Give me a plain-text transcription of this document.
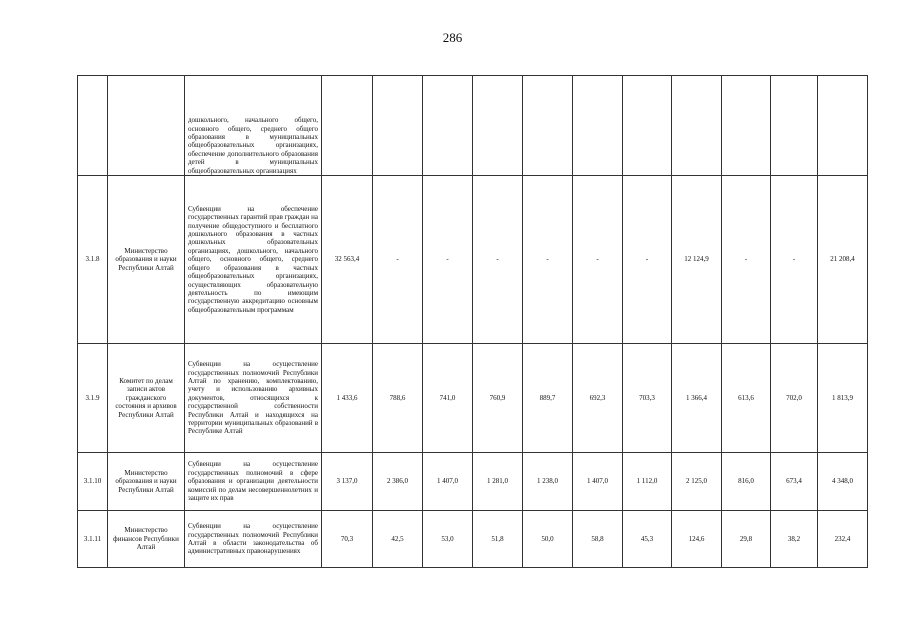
286
		дошкольного, начального общего, основного общего, среднего общего образования в муниципальных общеобразовательных организациях, обеспечение дополнительного образования детей в муниципальных общеобразовательных организациях											
3.1.8	Министерство образования и науки Республики Алтай	Субвенции на обеспечение государственных гарантий прав граждан на получение общедоступного и бесплатного дошкольного образования в частных дошкольных образовательных организациях, дошкольного, начального общего, основного общего, среднего общего образования в частных общеобразовательных организациях, осуществляющих образовательную деятельность по имеющим государственную аккредитацию основным общеобразовательным программам	32 563,4	-	-	-	-	-	-	12 124,9	-	-	21 208,4
3.1.9	Комитет по делам записи актов гражданского состояния и архивов Республики Алтай	Субвенции на осуществление государственных полномочий Республики Алтай по хранению, комплектованию, учету и использованию архивных документов, относящихся к государственной собственности Республики Алтай и находящихся на территории муниципальных образований в Республике Алтай	1 433,6	788,6	741,0	760,9	889,7	692,3	703,3	1 366,4	613,6	702,0	1 813,9
3.1.10	Министерство образования и науки Республики Алтай	Субвенции на осуществление государственных полномочий в сфере образования и организации деятельности комиссий по делам несовершеннолетних и защите их прав	3 137,0	2 386,0	1 407,0	1 281,0	1 238,0	1 407,0	1 112,0	2 125,0	816,0	673,4	4 348,0
3.1.11	Министерство финансов Республики Алтай	Субвенции на осуществление государственных полномочий Республики Алтай в области законодательства об административных правонарушениях	70,3	42,5	53,0	51,8	50,0	58,8	45,3	124,6	29,8	38,2	232,4
